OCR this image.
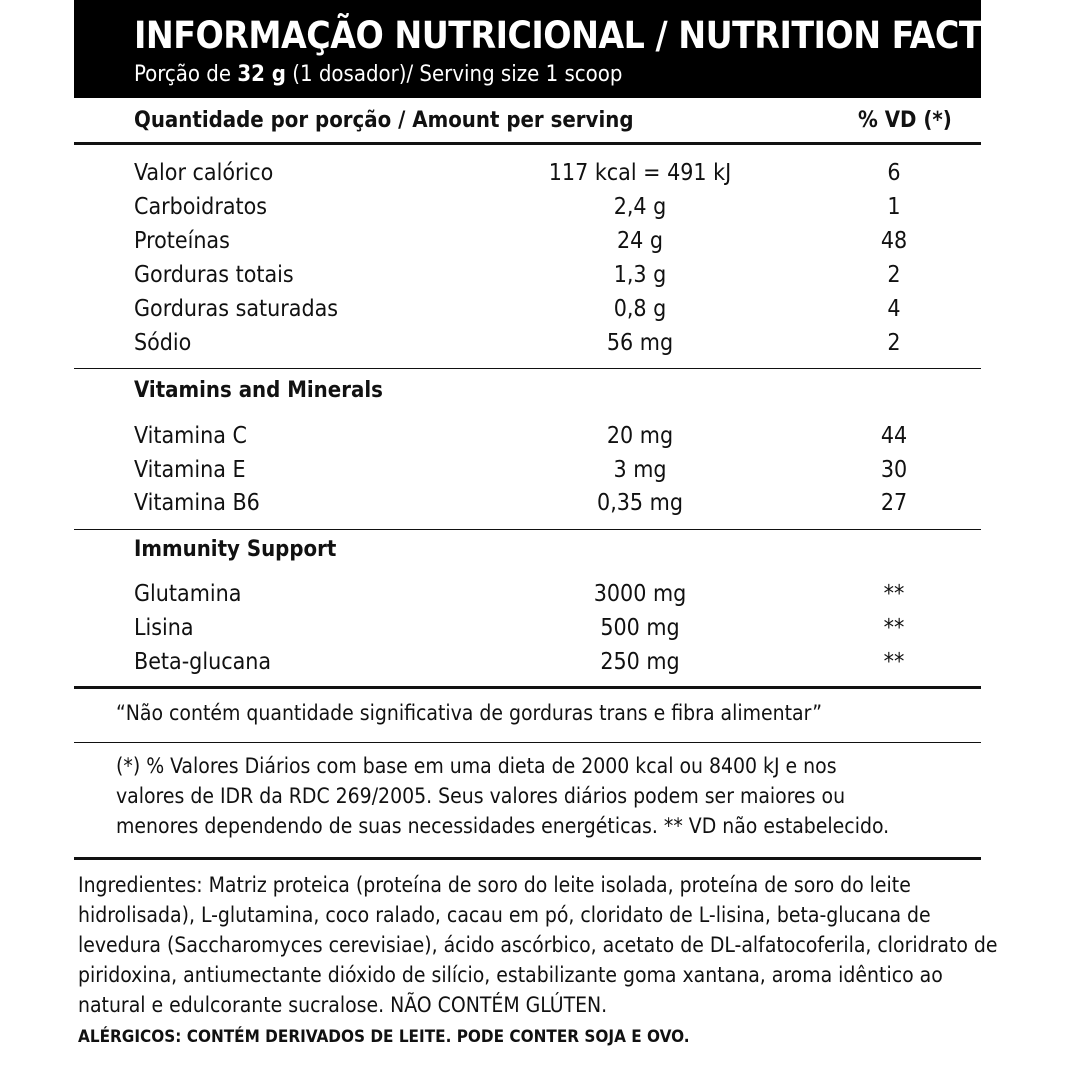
INFORMAÇÃO NUTRICIONAL / NUTRITION FACTS
Porção de 32 g (1 dosador)/ Serving size 1 scoop
Quantidade por porção / Amount per serving	% VD (*)
Valor calórico	117 kcal = 491 kJ	6
Carboidratos	2,4 g	1
Proteínas	24 g	48
Gorduras totais	1,3 g	2
Gorduras saturadas	0,8 g	4
Sódio	56 mg	2
Vitamins and Minerals
Vitamina C	20 mg	44
Vitamina E	3 mg	30
Vitamina B6	0,35 mg	27
Immunity Support
Glutamina	3000 mg	**
Lisina	500 mg	**
Beta-glucana	250 mg	**
“Não contém quantidade significativa de gorduras trans e fibra alimentar”
(*) % Valores Diários com base em uma dieta de 2000 kcal ou 8400 kJ e nos
valores de IDR da RDC 269/2005. Seus valores diários podem ser maiores ou
menores dependendo de suas necessidades energéticas. ** VD não estabelecido.
Ingredientes: Matriz proteica (proteína de soro do leite isolada, proteína de soro do leite hidrolisada), L-glutamina, coco ralado, cacau em pó, cloridato de L-lisina, beta-glucana de levedura (Saccharomyces cerevisiae), ácido ascórbico, acetato de DL-alfatocoferila, cloridrato de piridoxina, antiumectante dióxido de silício, estabilizante goma xantana, aroma idêntico ao natural e edulcorante sucralose. NÃO CONTÉM GLÚTEN.
ALÉRGICOS: CONTÉM DERIVADOS DE LEITE. PODE CONTER SOJA E OVO.
